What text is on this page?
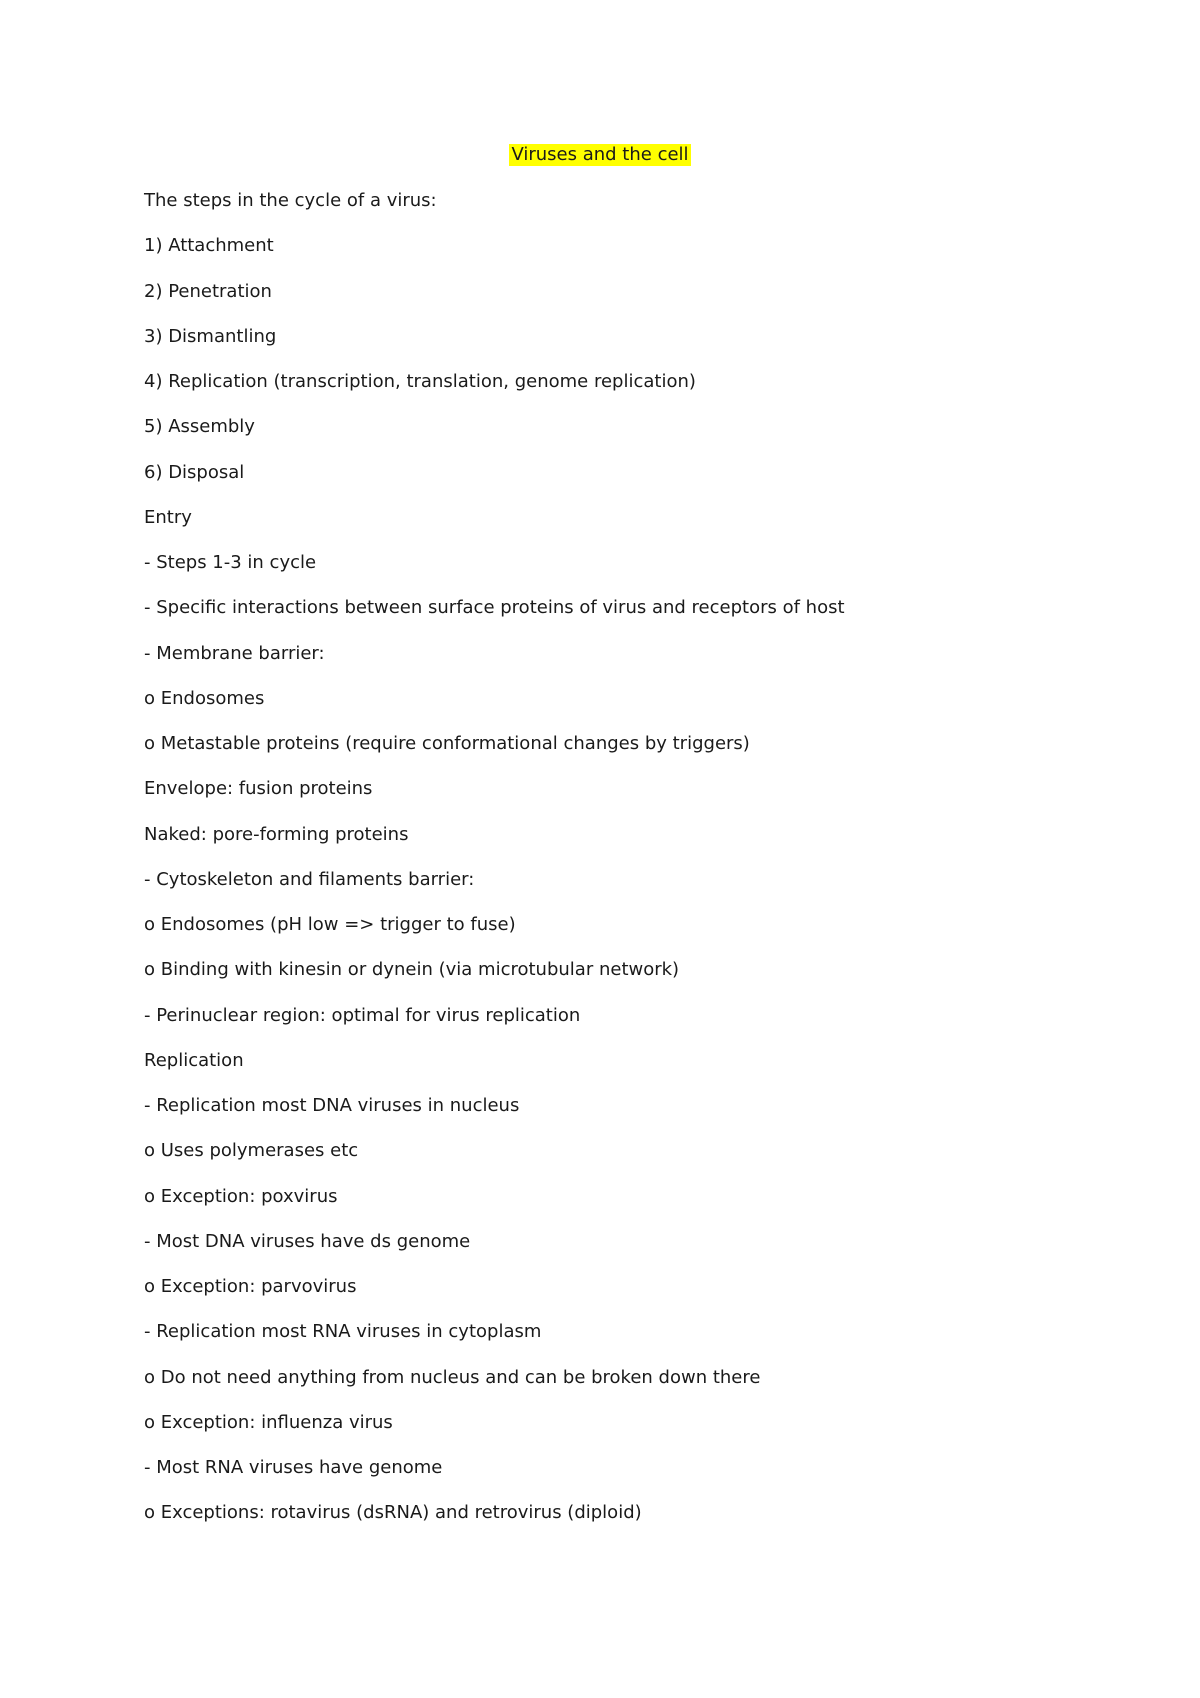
Viruses and the cell
The steps in the cycle of a virus:
1) Attachment
2) Penetration
3) Dismantling
4) Replication (transcription, translation, genome replication)
5) Assembly
6) Disposal
Entry
- Steps 1-3 in cycle
- Specific interactions between surface proteins of virus and receptors of host
- Membrane barrier:
o Endosomes
o Metastable proteins (require conformational changes by triggers)
Envelope: fusion proteins
Naked: pore-forming proteins
- Cytoskeleton and filaments barrier:
o Endosomes (pH low => trigger to fuse)
o Binding with kinesin or dynein (via microtubular network)
- Perinuclear region: optimal for virus replication
Replication
- Replication most DNA viruses in nucleus
o Uses polymerases etc
o Exception: poxvirus
- Most DNA viruses have ds genome
o Exception: parvovirus
- Replication most RNA viruses in cytoplasm
o Do not need anything from nucleus and can be broken down there
o Exception: influenza virus
- Most RNA viruses have genome
o Exceptions: rotavirus (dsRNA) and retrovirus (diploid)
